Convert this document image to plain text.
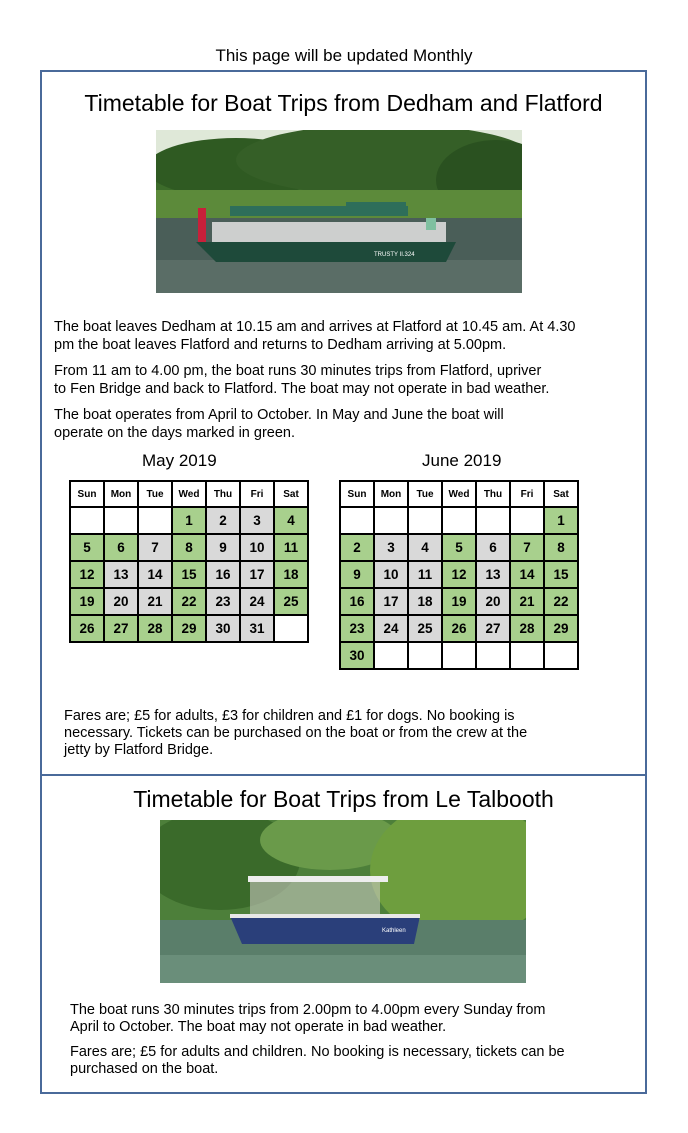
This page will be updated Monthly
Timetable for Boat Trips from Dedham and Flatford
TRUSTY II.324
The boat leaves Dedham at 10.15 am and arrives at Flatford at 10.45 am. At 4.30
pm the boat leaves Flatford and returns to Dedham arriving at 5.00pm.
From 11 am to 4.00 pm, the boat runs 30 minutes trips from Flatford, upriver
to Fen Bridge and back to Flatford. The boat may not operate in bad weather.
The boat operates from April to October. In May and June the boat will
operate on the days marked in green.
May 2019	June 2019
Sun	Mon	Tue	Wed	Thu	Fri	Sat
			1	2	3	4
5	6	7	8	9	10	11
12	13	14	15	16	17	18
19	20	21	22	23	24	25
26	27	28	29	30	31	
Sun	Mon	Tue	Wed	Thu	Fri	Sat
						1
2	3	4	5	6	7	8
9	10	11	12	13	14	15
16	17	18	19	20	21	22
23	24	25	26	27	28	29
30						
Fares are; £5 for adults, £3 for children and £1 for dogs. No booking is
necessary. Tickets can be purchased on the boat or from the crew at the
jetty by Flatford Bridge.
Timetable for Boat Trips from Le Talbooth
Kathleen
The boat runs 30 minutes trips from 2.00pm to 4.00pm every Sunday from
April to October. The boat may not operate in bad weather.
Fares are; £5 for adults and children. No booking is necessary, tickets can be
purchased on the boat.
